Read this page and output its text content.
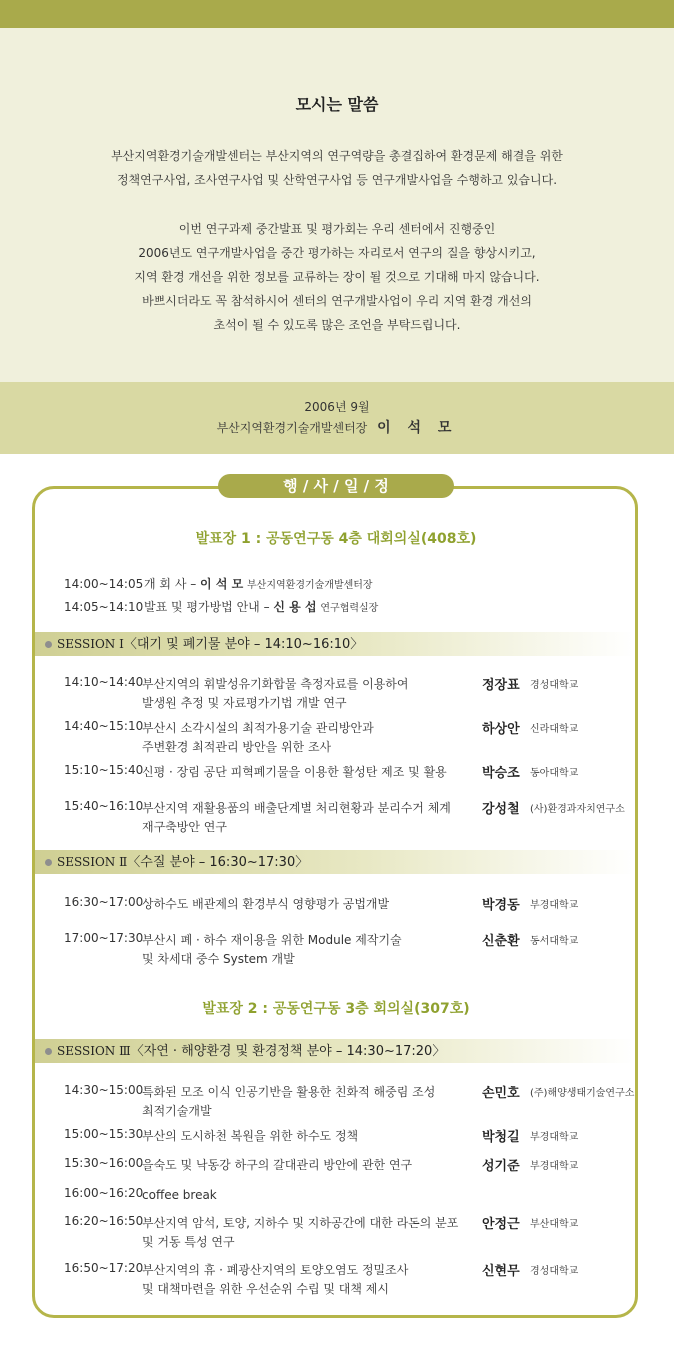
모시는 말씀
부산지역환경기술개발센터는 부산지역의 연구역량을 총결집하여 환경문제 해결을 위한
정책연구사업, 조사연구사업 및 산학연구사업 등 연구개발사업을 수행하고 있습니다.
이번 연구과제 중간발표 및 평가회는 우리 센터에서 진행중인
2006년도 연구개발사업을 중간 평가하는 자리로서 연구의 질을 향상시키고,
지역 환경 개선을 위한 정보를 교류하는 장이 될 것으로 기대해 마지 않습니다.
바쁘시더라도 꼭 참석하시어 센터의 연구개발사업이 우리 지역 환경 개선의
초석이 될 수 있도록 많은 조언을 부탁드립니다.
2006년 9월
부산지역환경기술개발센터장 이 석 모
행 / 사 / 일 / 정
발표장 1 : 공동연구동 4층 대회의실(408호)
14:00~14:05개 회 사 – 이 석 모 부산지역환경기술개발센터장
14:05~14:10발표 및 평가방법 안내 – 신 용 섭 연구협력실장
SESSION Ⅰ〈대기 및 폐기물 분야 – 14:10~16:10〉
14:10~14:40
부산지역의 휘발성유기화합물 측정자료를 이용하여
발생원 추정 및 자료평가기법 개발 연구
정장표 경성대학교
14:40~15:10
부산시 소각시설의 최적가용기술 관리방안과
주변환경 최적관리 방안을 위한 조사
하상안 신라대학교
15:10~15:40
신평 · 장림 공단 피혁폐기물을 이용한 활성탄 제조 및 활용	박승조 동아대학교
15:40~16:10
부산지역 재활용품의 배출단계별 처리현황과 분리수거 체계
재구축방안 연구
강성철 (사)환경과자치연구소
SESSION Ⅱ〈수질 분야 – 16:30~17:30〉
16:30~17:00
상하수도 배관제의 환경부식 영향평가 공법개발	박경동 부경대학교
17:00~17:30
부산시 폐 · 하수 재이용을 위한 Module 제작기술
및 차세대 중수 System 개발
신춘환 동서대학교
발표장 2 : 공동연구동 3층 회의실(307호)
SESSION Ⅲ〈자연 · 해양환경 및 환경정책 분야 – 14:30~17:20〉
14:30~15:00
특화된 모조 이식 인공기반을 활용한 친화적 해중림 조성
최적기술개발
손민호 (주)해양생태기술연구소
15:00~15:30
부산의 도시하천 복원을 위한 하수도 정책	박청길 부경대학교
15:30~16:00
을숙도 및 낙동강 하구의 갈대관리 방안에 관한 연구	성기준 부경대학교
16:00~16:20
coffee break
16:20~16:50
부산지역 암석, 토양, 지하수 및 지하공간에 대한 라돈의 분포
및 거동 특성 연구
안정근 부산대학교
16:50~17:20
부산지역의 휴 · 폐광산지역의 토양오염도 정밀조사
및 대책마련을 위한 우선순위 수립 및 대책 제시
신현무 경성대학교
